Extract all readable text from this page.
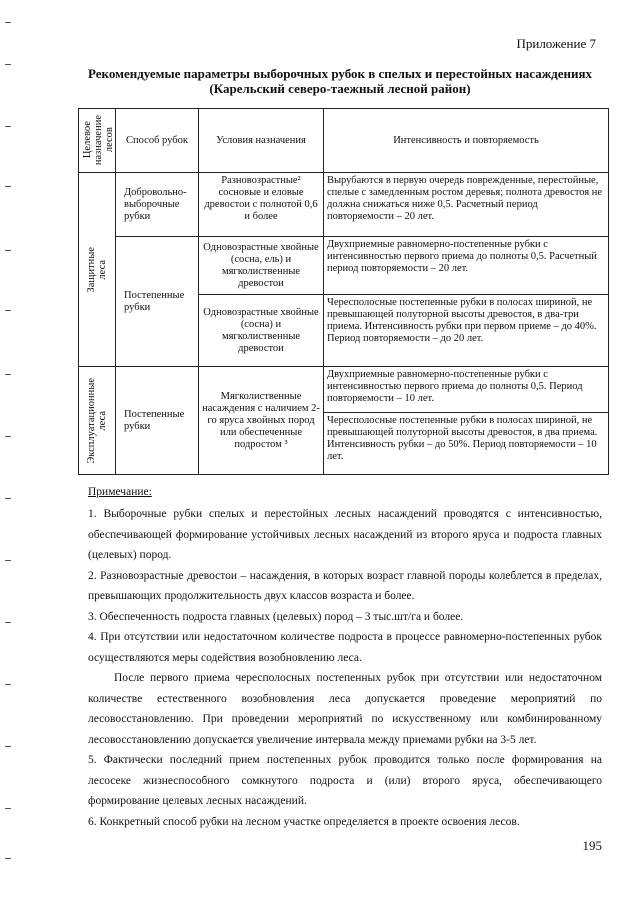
Приложение 7
Рекомендуемые параметры выборочных рубок в спелых и перестойных насаждениях
(Карельский северо-таежный лесной район)
Целевое
назначение
лесов	Способ рубок	Условия назначения	Интенсивность и повторяемость

Защитные
леса	Добровольно-выборочные рубки	Разновозрастные² сосновые и еловые древостои с полнотой 0,6 и более	Вырубаются в первую очередь поврежденные, перестойные, спелые с замедленным ростом деревья; полнота древостоя не должна снижаться ниже 0,5. Расчетный период повторяемости – 20 лет.
	Постепенные рубки	Одновозрастные хвойные (сосна, ель) и мягколиственные древостои	Двухприемные равномерно-постепенные рубки с интенсивностью первого приема до полноты 0,5. Расчетный период повторяемости – 20 лет.
		Одновозрастные хвойные (сосна) и мягколиственные древостои	Чересполосные постепенные рубки в полосах шириной, не превышающей полуторной высоты древостоя, в два-три приема. Интенсивность рубки при первом приеме – до 40%. Период повторяемости – до 20 лет.

Эксплуатационные
леса	Постепенные рубки	Мягколиственные насаждения с наличием 2-го яруса хвойных пород или обеспеченные подростом ³	Двухприемные равномерно-постепенные рубки с интенсивностью первого приема до полноты 0,5. Период повторяемости – 10 лет.
			Чересполосные постепенные рубки в полосах шириной, не превышающей полуторной высоты древостоя, в два приема. Интенсивность рубки – до 50%. Период повторяемости – 10 лет.
Примечание:
1. Выборочные рубки спелых и перестойных лесных насаждений проводятся с интенсивностью, обеспечивающей формирование устойчивых лесных насаждений из второго яруса и подроста главных (целевых) пород.
2. Разновозрастные древостои – насаждения, в которых возраст главной породы колеблется в пределах, превышающих продолжительность двух классов возраста и более.
3. Обеспеченность подроста главных (целевых) пород – 3 тыс.шт/га и более.
4. При отсутствии или недостаточном количестве подроста в процессе равномерно-постепенных рубок осуществляются меры содействия возобновлению леса.
После первого приема чересполосных постепенных рубок при отсутствии или недостаточном количестве естественного возобновления леса допускается проведение мероприятий по лесовосстановлению. При проведении мероприятий по искусственному или комбинированному лесовосстановлению допускается увеличение интервала между приемами рубки на 3-5 лет.
5. Фактически последний прием постепенных рубок проводится только после формирования на лесосеке жизнеспособного сомкнутого подроста и (или) второго яруса, обеспечивающего формирование целевых лесных насаждений.
6. Конкретный способ рубки на лесном участке определяется в проекте освоения лесов.
195
